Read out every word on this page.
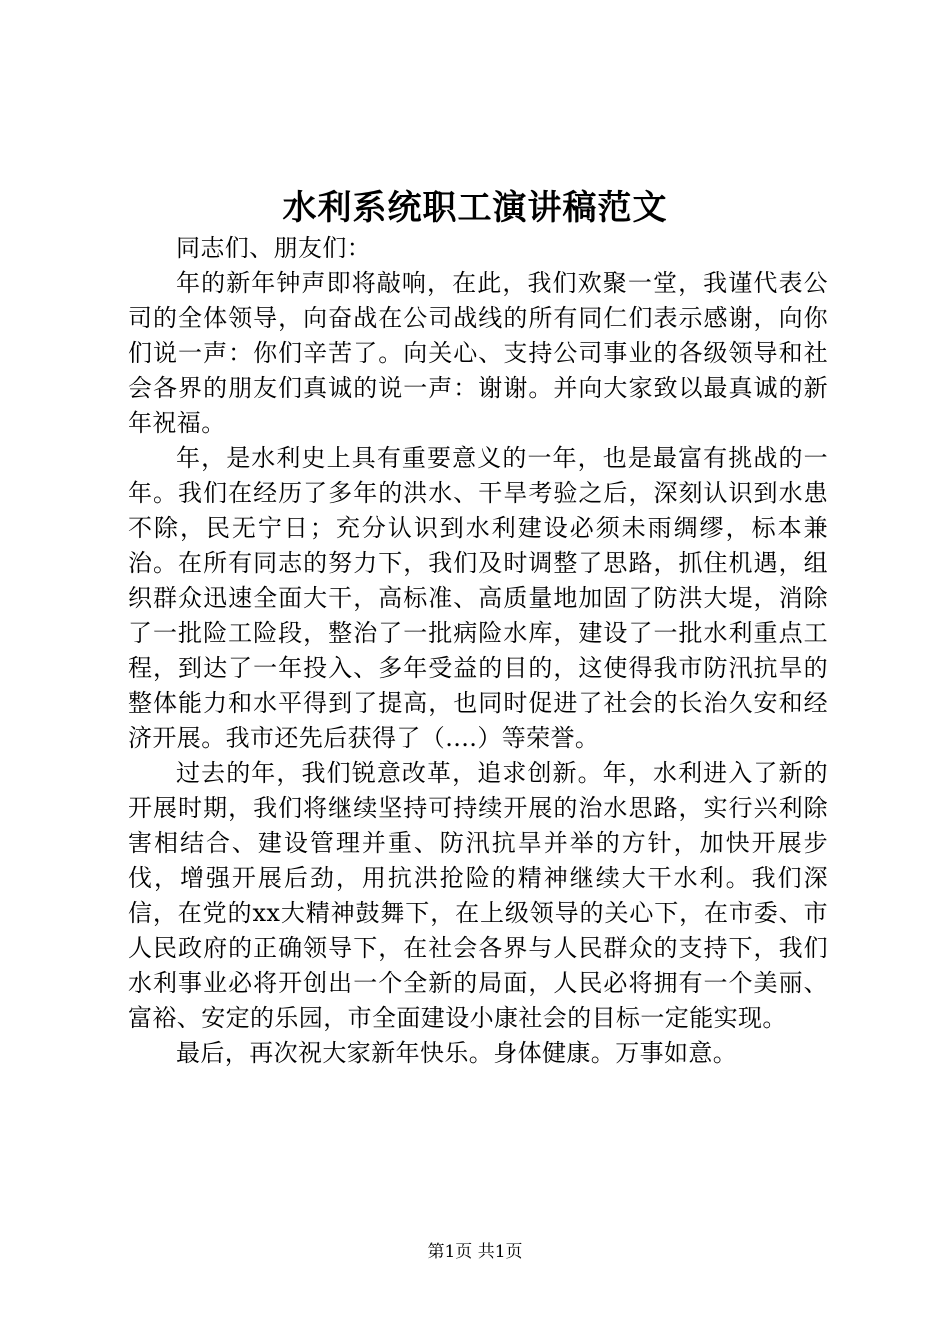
水利系统职工演讲稿范文

同志们、朋友们：

年的新年钟声即将敲响，在此，我们欢聚一堂，我谨代表公司的全体领导，向奋战在公司战线的所有同仁们表示感谢，向你们说一声：你们辛苦了。向关心、支持公司事业的各级领导和社会各界的朋友们真诚的说一声：谢谢。并向大家致以最真诚的新年祝福。

年，是水利史上具有重要意义的一年，也是最富有挑战的一年。我们在经历了多年的洪水、干旱考验之后，深刻认识到水患不除，民无宁日；充分认识到水利建设必须未雨绸缪，标本兼治。在所有同志的努力下，我们及时调整了思路，抓住机遇，组织群众迅速全面大干，高标准、高质量地加固了防洪大堤，消除了一批险工险段，整治了一批病险水库，建设了一批水利重点工程，到达了一年投入、多年受益的目的，这使得我市防汛抗旱的整体能力和水平得到了提高，也同时促进了社会的长治久安和经济开展。我市还先后获得了（....）等荣誉。

过去的年，我们锐意改革，追求创新。年，水利进入了新的开展时期，我们将继续坚持可持续开展的治水思路，实行兴利除害相结合、建设管理并重、防汛抗旱并举的方针，加快开展步伐，增强开展后劲，用抗洪抢险的精神继续大干水利。我们深信，在党的xx大精神鼓舞下，在上级领导的关心下，在市委、市人民政府的正确领导下，在社会各界与人民群众的支持下，我们水利事业必将开创出一个全新的局面，人民必将拥有一个美丽、富裕、安定的乐园，市全面建设小康社会的目标一定能实现。

最后，再次祝大家新年快乐。身体健康。万事如意。

第1页 共1页
